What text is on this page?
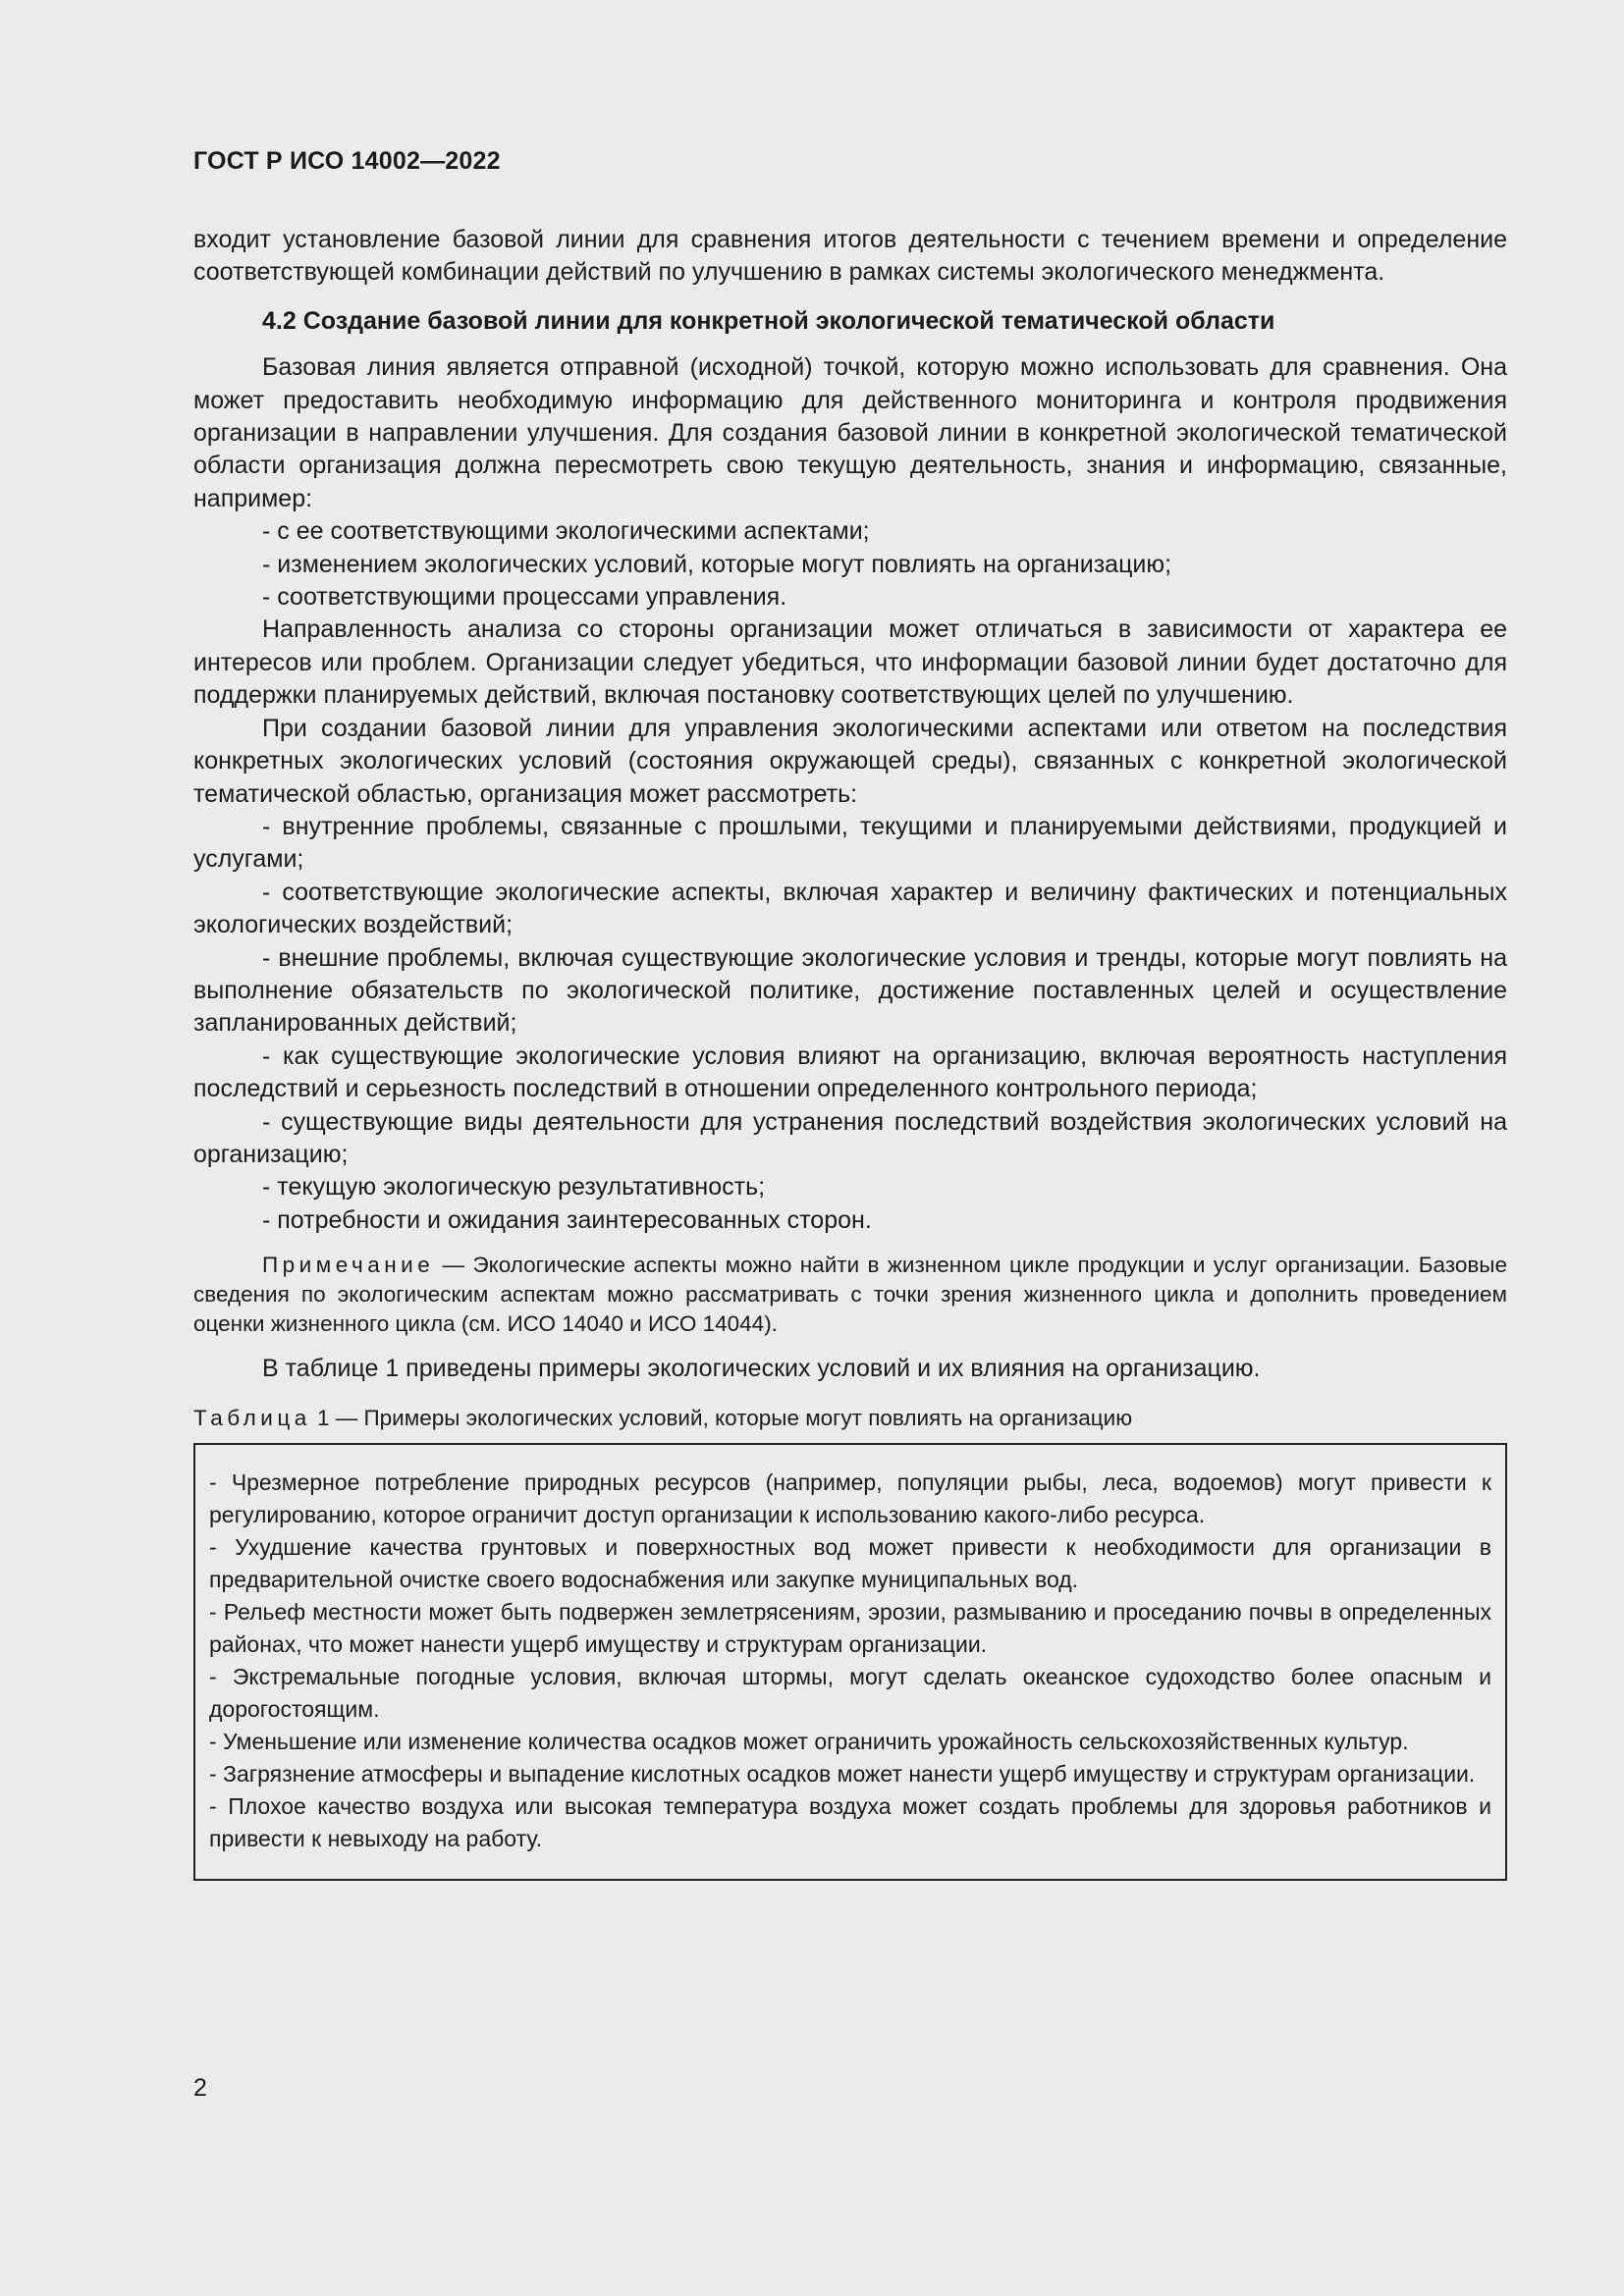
ГОСТ Р ИСО 14002—2022

входит установление базовой линии для сравнения итогов деятельности с течением времени и определение соответствующей комбинации действий по улучшению в рамках системы экологического менеджмента.

4.2 Создание базовой линии для конкретной экологической тематической области

Базовая линия является отправной (исходной) точкой, которую можно использовать для сравнения. Она может предоставить необходимую информацию для действенного мониторинга и контроля продвижения организации в направлении улучшения. Для создания базовой линии в конкретной экологической тематической области организация должна пересмотреть свою текущую деятельность, знания и информацию, связанные, например:

- с ее соответствующими экологическими аспектами;

- изменением экологических условий, которые могут повлиять на организацию;

- соответствующими процессами управления.

Направленность анализа со стороны организации может отличаться в зависимости от характера ее интересов или проблем. Организации следует убедиться, что информации базовой линии будет достаточно для поддержки планируемых действий, включая постановку соответствующих целей по улучшению.

При создании базовой линии для управления экологическими аспектами или ответом на последствия конкретных экологических условий (состояния окружающей среды), связанных с конкретной экологической тематической областью, организация может рассмотреть:

- внутренние проблемы, связанные с прошлыми, текущими и планируемыми действиями, продукцией и услугами;

- соответствующие экологические аспекты, включая характер и величину фактических и потенциальных экологических воздействий;

- внешние проблемы, включая существующие экологические условия и тренды, которые могут повлиять на выполнение обязательств по экологической политике, достижение поставленных целей и осуществление запланированных действий;

- как существующие экологические условия влияют на организацию, включая вероятность наступления последствий и серьезность последствий в отношении определенного контрольного периода;

- существующие виды деятельности для устранения последствий воздействия экологических условий на организацию;

- текущую экологическую результативность;

- потребности и ожидания заинтересованных сторон.

Примечание — Экологические аспекты можно найти в жизненном цикле продукции и услуг организации. Базовые сведения по экологическим аспектам можно рассматривать с точки зрения жизненного цикла и дополнить проведением оценки жизненного цикла (см. ИСО 14040 и ИСО 14044).

В таблице 1 приведены примеры экологических условий и их влияния на организацию.

Таблица 1 — Примеры экологических условий, которые могут повлиять на организацию

- Чрезмерное потребление природных ресурсов (например, популяции рыбы, леса, водоемов) могут привести к регулированию, которое ограничит доступ организации к использованию какого-либо ресурса.

- Ухудшение качества грунтовых и поверхностных вод может привести к необходимости для организации в предварительной очистке своего водоснабжения или закупке муниципальных вод.

- Рельеф местности может быть подвержен землетрясениям, эрозии, размыванию и проседанию почвы в определенных районах, что может нанести ущерб имуществу и структурам организации.

- Экстремальные погодные условия, включая штормы, могут сделать океанское судоходство более опасным и дорогостоящим.

- Уменьшение или изменение количества осадков может ограничить урожайность сельскохозяйственных культур.

- Загрязнение атмосферы и выпадение кислотных осадков может нанести ущерб имуществу и структурам организации.

- Плохое качество воздуха или высокая температура воздуха может создать проблемы для здоровья работников и привести к невыходу на работу.

2
